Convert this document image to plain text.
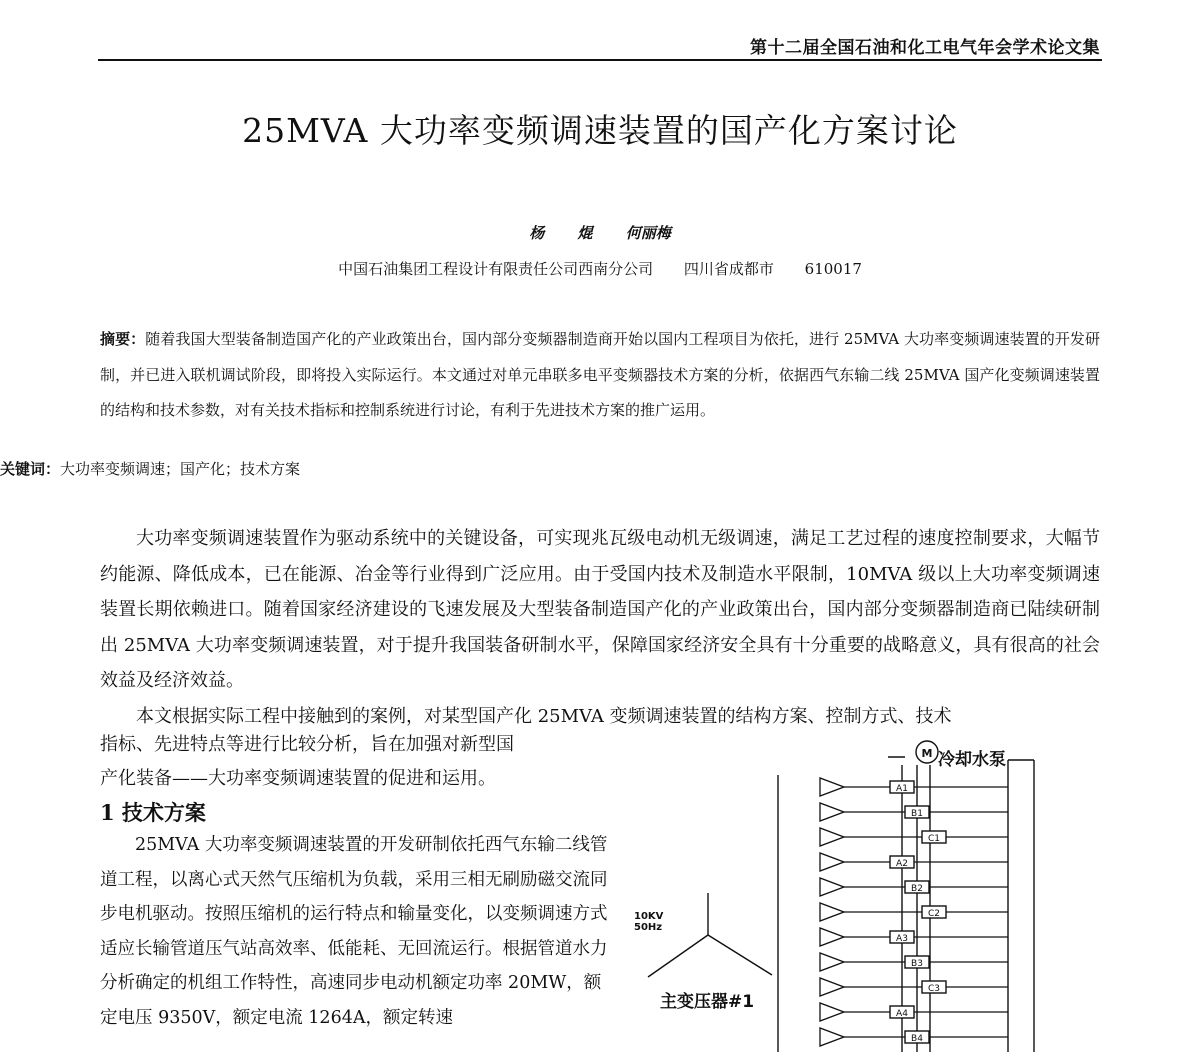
第十二届全国石油和化工电气年会学术论文集
25MVA 大功率变频调速装置的国产化方案讨论
杨 焜 何丽梅
中国石油集团工程设计有限责任公司西南分公司 四川省成都市 610017
摘要：随着我国大型装备制造国产化的产业政策出台，国内部分变频器制造商开始以国内工程项目为依托，进行 25MVA 大功率变频调速装置的开发研制，并已进入联机调试阶段，即将投入实际运行。本文通过对单元串联多电平变频器技术方案的分析，依据西气东输二线 25MVA 国产化变频调速装置的结构和技术参数，对有关技术指标和控制系统进行讨论，有利于先进技术方案的推广运用。
关键词：大功率变频调速；国产化；技术方案

大功率变频调速装置作为驱动系统中的关键设备，可实现兆瓦级电动机无级调速，满足工艺过程的速度控制要求，大幅节约能源、降低成本，已在能源、冶金等行业得到广泛应用。由于受国内技术及制造水平限制，10MVA 级以上大功率变频调速装置长期依赖进口。随着国家经济建设的飞速发展及大型装备制造国产化的产业政策出台，国内部分变频器制造商已陆续研制出 25MVA 大功率变频调速装置，对于提升我国装备研制水平，保障国家经济安全具有十分重要的战略意义，具有很高的社会效益及经济效益。

本文根据实际工程中接触到的案例，对某型国产化 25MVA 变频调速装置的结构方案、控制方式、技术

指标、先进特点等进行比较分析，旨在加强对新型国
产化装备——大功率变频调速装置的促进和运用。
1 技术方案

25MVA 大功率变频调速装置的开发研制依托西气东输二线管道工程，以离心式天然气压缩机为负载，采用三相无刷励磁交流同步电机驱动。按照压缩机的运行特点和输量变化，以变频调速方式适应长输管道压气站高效率、低能耗、无回流运行。根据管道水力分析确定的机组工作特性，高速同步电动机额定功率 20MW，额定电压 9350V，额定电流 1264A，额定转速

冷却水泵
M
10KV
50Hz
主变压器#1
A1
B1
C1
A2
B2
C2
A3
B3
C3
A4
B4
